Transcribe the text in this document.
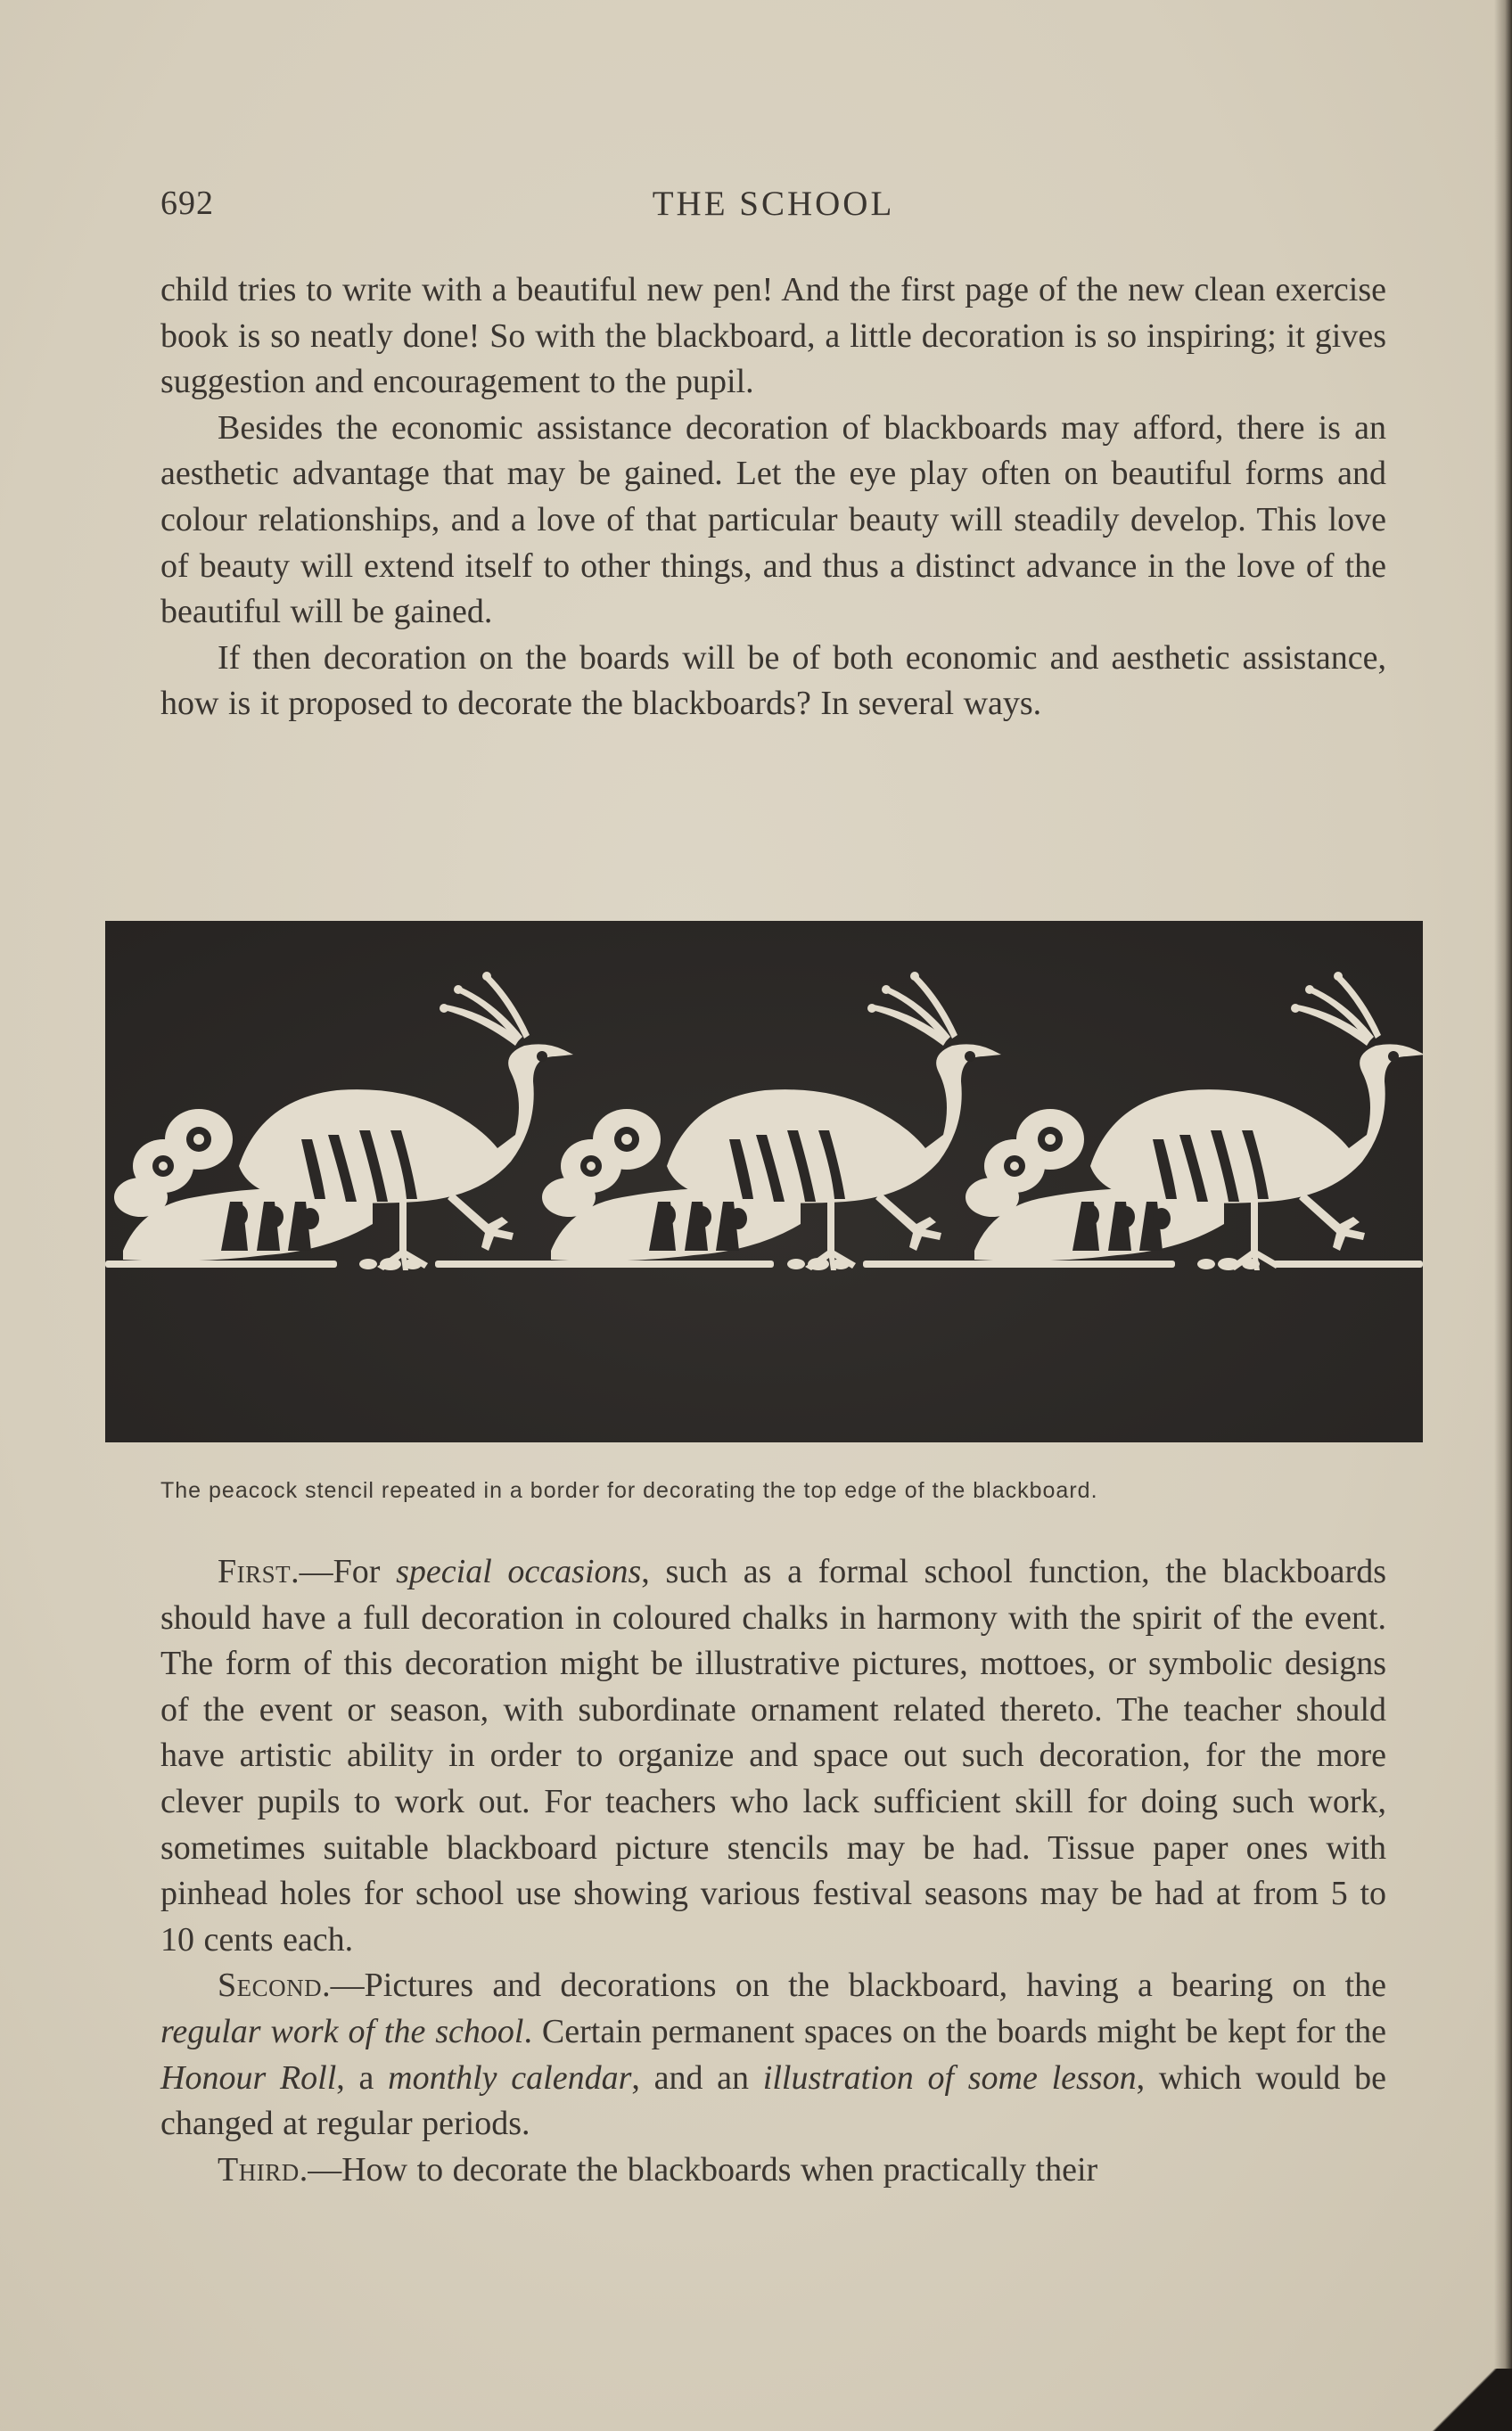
692	THE SCHOOL

child tries to write with a beautiful new pen! And the first page of the new clean exercise book is so neatly done! So with the blackboard, a little decoration is so inspiring; it gives suggestion and encouragement to the pupil.

Besides the economic assistance decoration of blackboards may afford, there is an aesthetic advantage that may be gained. Let the eye play often on beautiful forms and colour relationships, and a love of that particular beauty will steadily develop. This love of beauty will extend itself to other things, and thus a distinct advance in the love of the beautiful will be gained.

If then decoration on the boards will be of both economic and aesthetic assistance, how is it proposed to decorate the blackboards? In several ways.

The peacock stencil repeated in a border for decorating the top edge of the blackboard.

First.—For special occasions, such as a formal school function, the blackboards should have a full decoration in coloured chalks in harmony with the spirit of the event. The form of this decoration might be illustrative pictures, mottoes, or symbolic designs of the event or season, with subordinate ornament related thereto. The teacher should have artistic ability in order to organize and space out such decoration, for the more clever pupils to work out. For teachers who lack sufficient skill for doing such work, sometimes suitable blackboard picture stencils may be had. Tissue paper ones with pinhead holes for school use showing various festival seasons may be had at from 5 to 10 cents each.

Second.—Pictures and decorations on the blackboard, having a bearing on the regular work of the school. Certain permanent spaces on the boards might be kept for the Honour Roll, a monthly calendar, and an illustration of some lesson, which would be changed at regular periods.

Third.—How to decorate the blackboards when practically their
